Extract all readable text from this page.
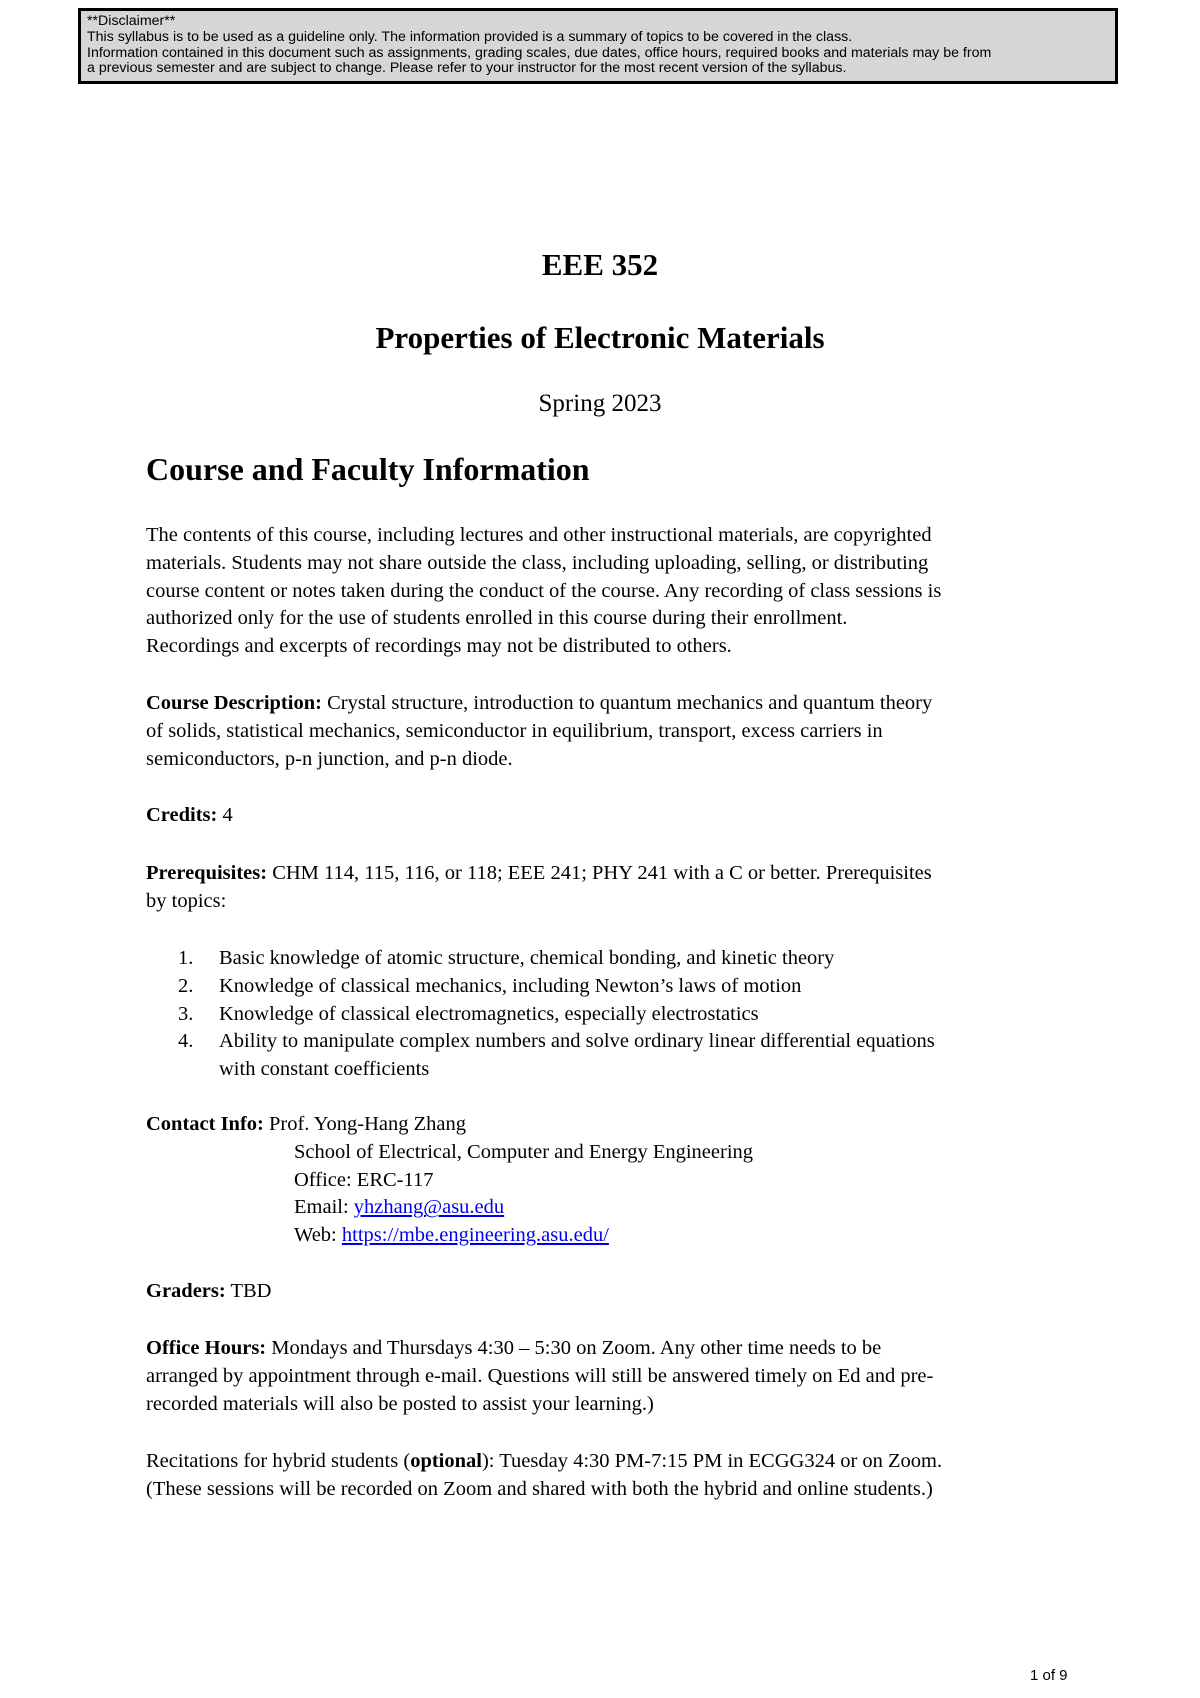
**Disclaimer**
This syllabus is to be used as a guideline only. The information provided is a summary of topics to be covered in the class.
Information contained in this document such as assignments, grading scales, due dates, office hours, required books and materials may be from
a previous semester and are subject to change. Please refer to your instructor for the most recent version of the syllabus.
EEE 352
Properties of Electronic Materials
Spring 2023
Course and Faculty Information
The contents of this course, including lectures and other instructional materials, are copyrighted
materials. Students may not share outside the class, including uploading, selling, or distributing
course content or notes taken during the conduct of the course. Any recording of class sessions is
authorized only for the use of students enrolled in this course during their enrollment.
Recordings and excerpts of recordings may not be distributed to others.
Course Description: Crystal structure, introduction to quantum mechanics and quantum theory
of solids, statistical mechanics, semiconductor in equilibrium, transport, excess carriers in
semiconductors, p-n junction, and p-n diode.
Credits: 4
Prerequisites: CHM 114, 115, 116, or 118; EEE 241; PHY 241 with a C or better. Prerequisites
by topics:
1.	Basic knowledge of atomic structure, chemical bonding, and kinetic theory
2.	Knowledge of classical mechanics, including Newton’s laws of motion
3.	Knowledge of classical electromagnetics, especially electrostatics
4.	Ability to manipulate complex numbers and solve ordinary linear differential equations
with constant coefficients
Contact Info: Prof. Yong-Hang Zhang
School of Electrical, Computer and Energy Engineering
Office: ERC-117
Email: yhzhang@asu.edu
Web: https://mbe.engineering.asu.edu/
Graders: TBD
Office Hours: Mondays and Thursdays 4:30 – 5:30 on Zoom. Any other time needs to be
arranged by appointment through e-mail. Questions will still be answered timely on Ed and pre-
recorded materials will also be posted to assist your learning.)
Recitations for hybrid students (optional): Tuesday 4:30 PM-7:15 PM in ECGG324 or on Zoom.
(These sessions will be recorded on Zoom and shared with both the hybrid and online students.)
1 of 9
